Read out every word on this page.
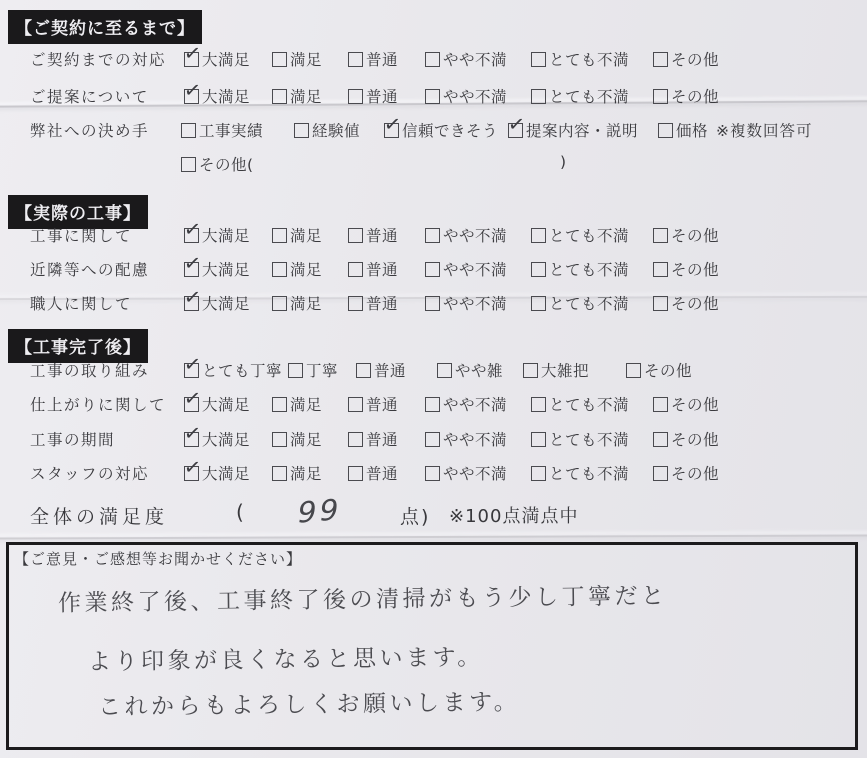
【ご契約に至るまで】
ご契約までの対応 ✓ 大満足	満足	普通	やや不満	とても不満	その他
ご提案について ✓ 大満足	満足	普通	やや不満	とても不満	その他
弊社への決め手	工事実績	経験値 ✓ 信頼できそう ✓ 提案内容・説明	価格 ※複数回答可
その他(	)
【実際の工事】
工事に関して	✓ 大満足	満足	普通	やや不満	とても不満	その他
近隣等への配慮 ✓ 大満足	満足	普通	やや不満	とても不満	その他
職人に関して	✓ 大満足	満足	普通	やや不満	とても不満	その他
【工事完了後】
工事の取り組み ✓ とても丁寧	丁寧	普通	やや雑	大雑把	その他
仕上がりに関して ✓ 大満足	満足	普通	やや不満	とても不満	その他
工事の期間	✓ 大満足	満足	普通	やや不満	とても不満	その他
スタッフの対応 ✓ 大満足	満足	普通	やや不満	とても不満	その他
全体の満足度	( 99	点) ※100点満点中
【ご意見・ご感想等お聞かせください】
作業終了後、工事終了後の清掃がもう少し丁寧だと
より印象が良くなると思います。
これからもよろしくお願いします。
